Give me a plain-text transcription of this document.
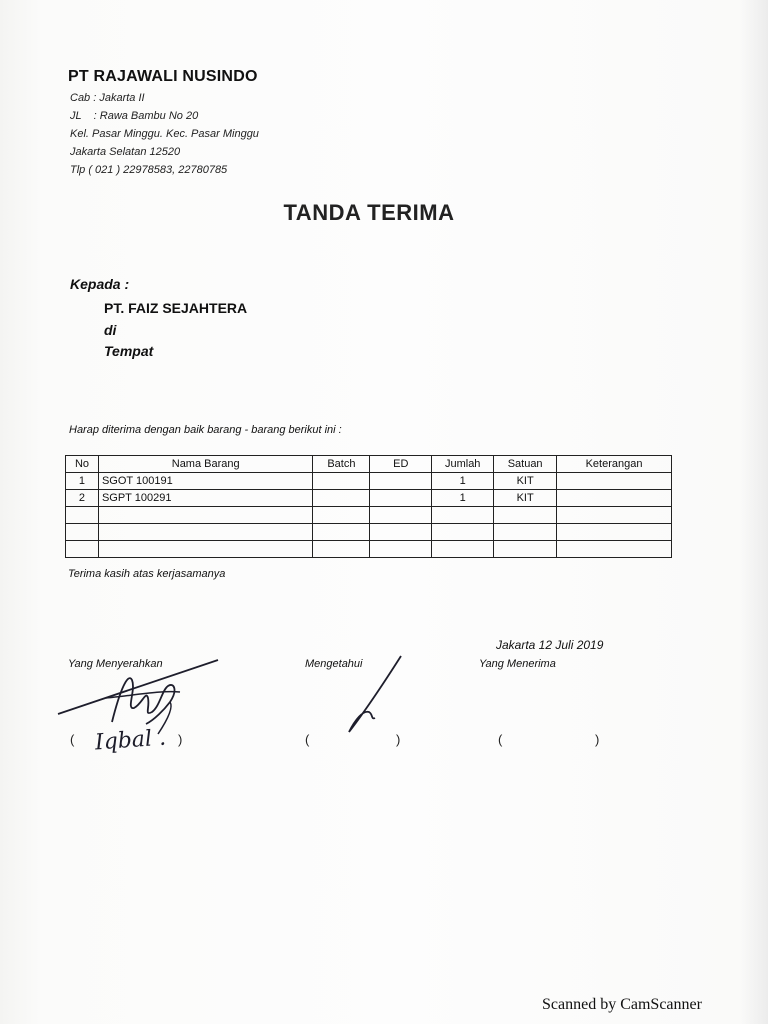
PT RAJAWALI NUSINDO
Cab : Jakarta II
JL    : Rawa Bambu No 20
Kel. Pasar Minggu. Kec. Pasar Minggu
Jakarta Selatan 12520
Tlp ( 021 ) 22978583, 22780785
TANDA TERIMA
Kepada :
PT. FAIZ SEJAHTERA
di
Tempat
Harap diterima dengan baik barang - barang berikut ini :
No	Nama Barang	Batch	ED	Jumlah	Satuan	Keterangan
1	SGOT 100191			1	KIT	
2	SGPT 100291			1	KIT	

Terima kasih atas kerjasamanya
Jakarta 12 Juli 2019
Yang Menyerahkan	Mengetahui	Yang Menerima
( Iqbal . )	(	)	(	)
Scanned by CamScanner
